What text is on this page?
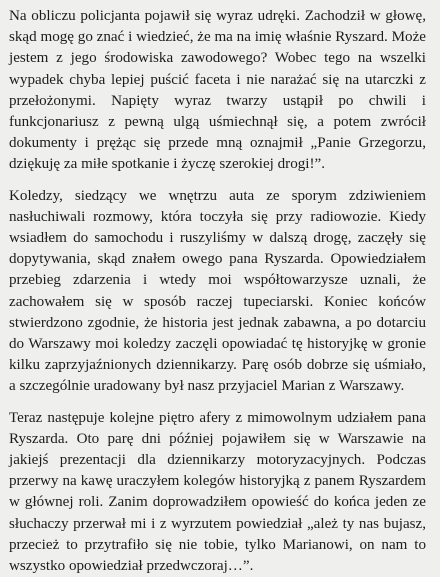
Na obliczu policjanta pojawił się wyraz udręki. Zachodził w głowę, skąd mogę go znać i wiedzieć, że ma na imię właśnie Ryszard. Może jestem z jego środowiska zawodowego? Wobec tego na wszelki wypadek chyba lepiej puścić faceta i nie narażać się na utarczki z przełożonymi. Napięty wyraz twarzy ustąpił po chwili i funkcjonariusz z pewną ulgą uśmiechnął się, a potem zwrócił dokumenty i prężąc się przede mną oznajmił „Panie Grzegorzu, dziękuję za miłe spotkanie i życzę szerokiej drogi!”.

Koledzy, siedzący we wnętrzu auta ze sporym zdziwieniem nasłuchiwali rozmowy, która toczyła się przy radiowozie. Kiedy wsiadłem do samochodu i ruszyliśmy w dalszą drogę, zaczęły się dopytywania, skąd znałem owego pana Ryszarda. Opowiedziałem przebieg zdarzenia i wtedy moi współtowarzysze uznali, że zachowałem się w sposób raczej tupeciarski. Koniec końców stwierdzono zgodnie, że historia jest jednak zabawna, a po dotarciu do Warszawy moi koledzy zaczęli opowiadać tę historyjkę w gronie kilku zaprzyjaźnionych dziennikarzy. Parę osób dobrze się uśmiało, a szczególnie uradowany był nasz przyjaciel Marian z Warszawy.

Teraz następuje kolejne piętro afery z mimowolnym udziałem pana Ryszarda. Oto parę dni później pojawiłem się w Warszawie na jakiejś prezentacji dla dziennikarzy motoryzacyjnych. Podczas przerwy na kawę uraczyłem kolegów historyjką z panem Ryszardem w głównej roli. Zanim doprowadziłem opowieść do końca jeden ze słuchaczy przerwał mi i z wyrzutem powiedział „ależ ty nas bujasz, przecież to przytrafiło się nie tobie, tylko Marianowi, on nam to wszystko opowiedział przedwczoraj…”.
